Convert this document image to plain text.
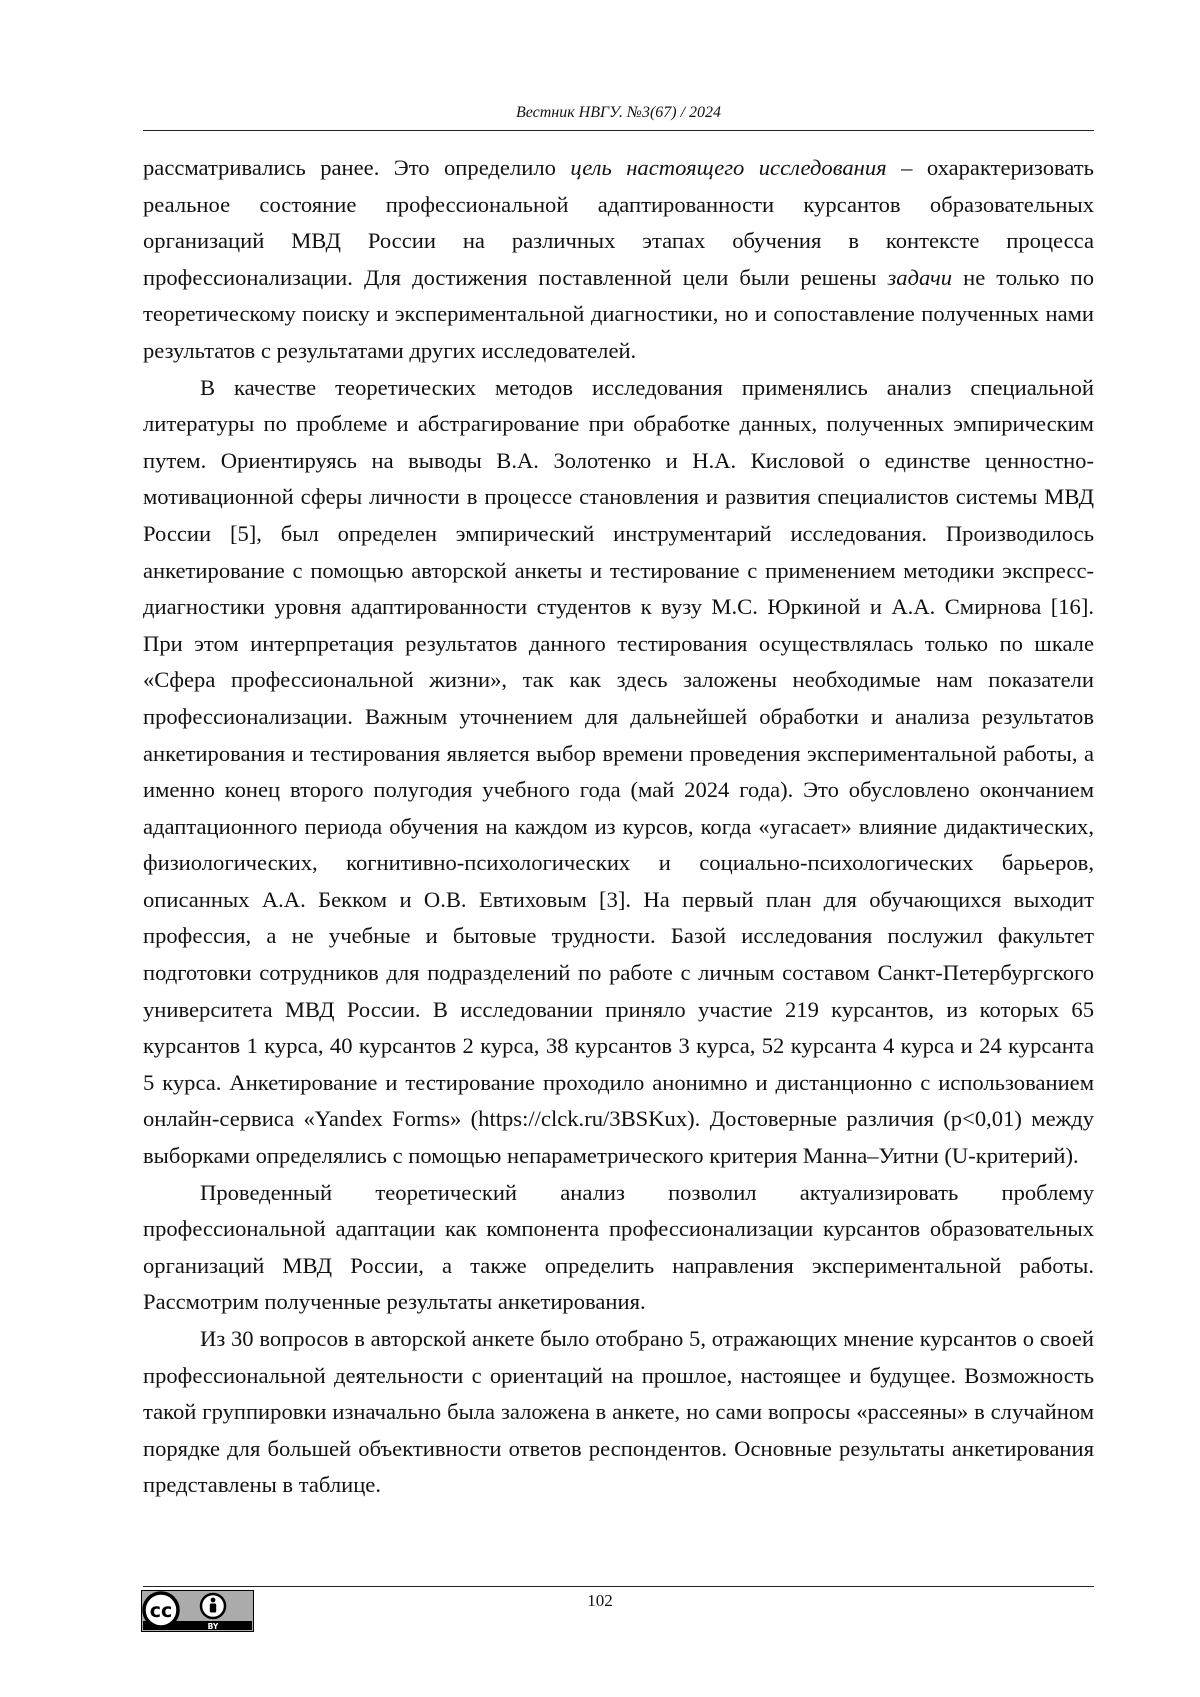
Вестник НВГУ. №3(67) / 2024

рассматривались ранее. Это определило цель настоящего исследования – охарактеризовать реальное состояние профессиональной адаптированности курсантов образовательных организаций МВД России на различных этапах обучения в контексте процесса профессионализации. Для достижения поставленной цели были решены задачи не только по теоретическому поиску и экспериментальной диагностики, но и сопоставление полученных нами результатов с результатами других исследователей.

В качестве теоретических методов исследования применялись анализ специальной литературы по проблеме и абстрагирование при обработке данных, полученных эмпирическим путем. Ориентируясь на выводы В.А. Золотенко и Н.А. Кисловой о единстве ценностно-мотивационной сферы личности в процессе становления и развития специалистов системы МВД России [5], был определен эмпирический инструментарий исследования. Производилось анкетирование с помощью авторской анкеты и тестирование с применением методики экспресс-диагностики уровня адаптированности студентов к вузу М.С. Юркиной и А.А. Смирнова [16]. При этом интерпретация результатов данного тестирования осуществлялась только по шкале «Сфера профессиональной жизни», так как здесь заложены необходимые нам показатели профессионализации. Важным уточнением для дальнейшей обработки и анализа результатов анкетирования и тестирования является выбор времени проведения экспериментальной работы, а именно конец второго полугодия учебного года (май 2024 года). Это обусловлено окончанием адаптационного периода обучения на каждом из курсов, когда «угасает» влияние дидактических, физиологических, когнитивно-психологических и социально-психологических барьеров, описанных А.А. Бекком и О.В. Евтиховым [3]. На первый план для обучающихся выходит профессия, а не учебные и бытовые трудности. Базой исследования послужил факультет подготовки сотрудников для подразделений по работе с личным составом Санкт-Петербургского университета МВД России. В исследовании приняло участие 219 курсантов, из которых 65 курсантов 1 курса, 40 курсантов 2 курса, 38 курсантов 3 курса, 52 курсанта 4 курса и 24 курсанта 5 курса. Анкетирование и тестирование проходило анонимно и дистанционно с использованием онлайн-сервиса «Yandex Forms» (https://clck.ru/3BSKux). Достоверные различия (p<0,01) между выборками определялись с помощью непараметрического критерия Манна–Уитни (U-критерий).

Проведенный теоретический анализ позволил актуализировать проблему профессиональной адаптации как компонента профессионализации курсантов образовательных организаций МВД России, а также определить направления экспериментальной работы. Рассмотрим полученные результаты анкетирования.

Из 30 вопросов в авторской анкете было отобрано 5, отражающих мнение курсантов о своей профессиональной деятельности с ориентаций на прошлое, настоящее и будущее. Возможность такой группировки изначально была заложена в анкете, но сами вопросы «рассеяны» в случайном порядке для большей объективности ответов респондентов. Основные результаты анкетирования представлены в таблице.

cc
BY
102
